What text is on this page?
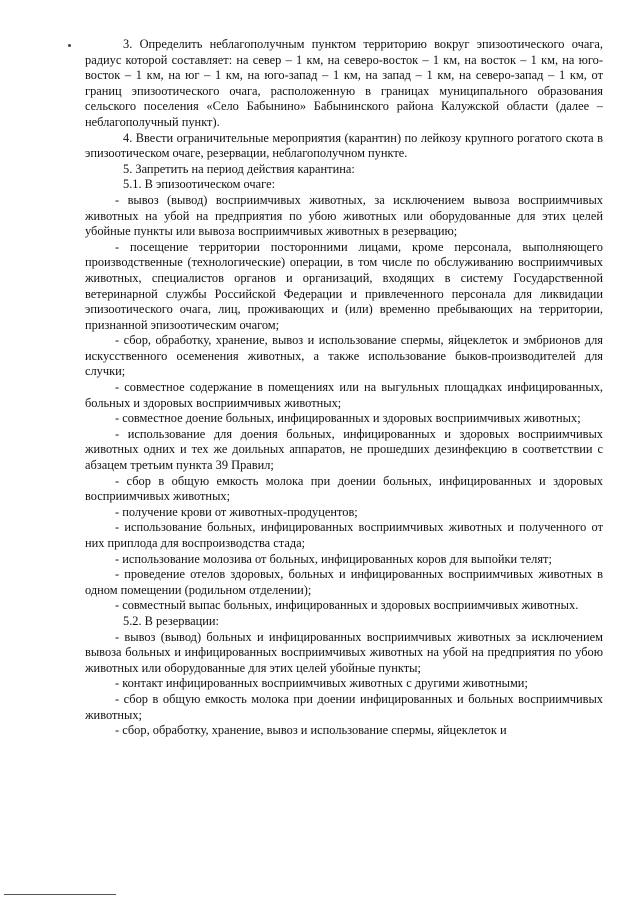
3. Определить неблагополучным пунктом территорию вокруг эпизоотического очага, радиус которой составляет: на север – 1 км, на северо-восток – 1 км, на восток – 1 км, на юго-восток – 1 км, на юг – 1 км, на юго-запад – 1 км, на запад – 1 км, на северо-запад – 1 км, от границ эпизоотического очага, расположенную в границах муниципального образования сельского поселения «Село Бабынино» Бабынинского района Калужской области (далее – неблагополучный пункт).

4. Ввести ограничительные мероприятия (карантин) по лейкозу крупного рогатого скота в эпизоотическом очаге, резервации, неблагополучном пункте.

5. Запретить на период действия карантина:

5.1. В эпизоотическом очаге:

- вывоз (вывод) восприимчивых животных, за исключением вывоза восприимчивых животных на убой на предприятия по убою животных или оборудованные для этих целей убойные пункты или вывоза восприимчивых животных в резервацию;

- посещение территории посторонними лицами, кроме персонала, выполняющего производственные (технологические) операции, в том числе по обслуживанию восприимчивых животных, специалистов органов и организаций, входящих в систему Государственной ветеринарной службы Российской Федерации и привлеченного персонала для ликвидации эпизоотического очага, лиц, проживающих и (или) временно пребывающих на территории, признанной эпизоотическим очагом;

- сбор, обработку, хранение, вывоз и использование спермы, яйцеклеток и эмбрионов для искусственного осеменения животных, а также использование быков-производителей для случки;

- совместное содержание в помещениях или на выгульных площадках инфицированных, больных и здоровых восприимчивых животных;

- совместное доение больных, инфицированных и здоровых восприимчивых животных;

- использование для доения больных, инфицированных и здоровых восприимчивых животных одних и тех же доильных аппаратов, не прошедших дезинфекцию в соответствии с абзацем третьим пункта 39 Правил;

- сбор в общую емкость молока при доении больных, инфицированных и здоровых восприимчивых животных;

- получение крови от животных-продуцентов;

- использование больных, инфицированных восприимчивых животных и полученного от них приплода для воспроизводства стада;

- использование молозива от больных, инфицированных коров для выпойки телят;

- проведение отелов здоровых, больных и инфицированных восприимчивых животных в одном помещении (родильном отделении);

- совместный выпас больных, инфицированных и здоровых восприимчивых животных.

5.2. В резервации:

- вывоз (вывод) больных и инфицированных восприимчивых животных за исключением вывоза больных и инфицированных восприимчивых животных на убой на предприятия по убою животных или оборудованные для этих целей убойные пункты;

- контакт инфицированных восприимчивых животных с другими животными;

- сбор в общую емкость молока при доении инфицированных и больных восприимчивых животных;

- сбор, обработку, хранение, вывоз и использование спермы, яйцеклеток и
